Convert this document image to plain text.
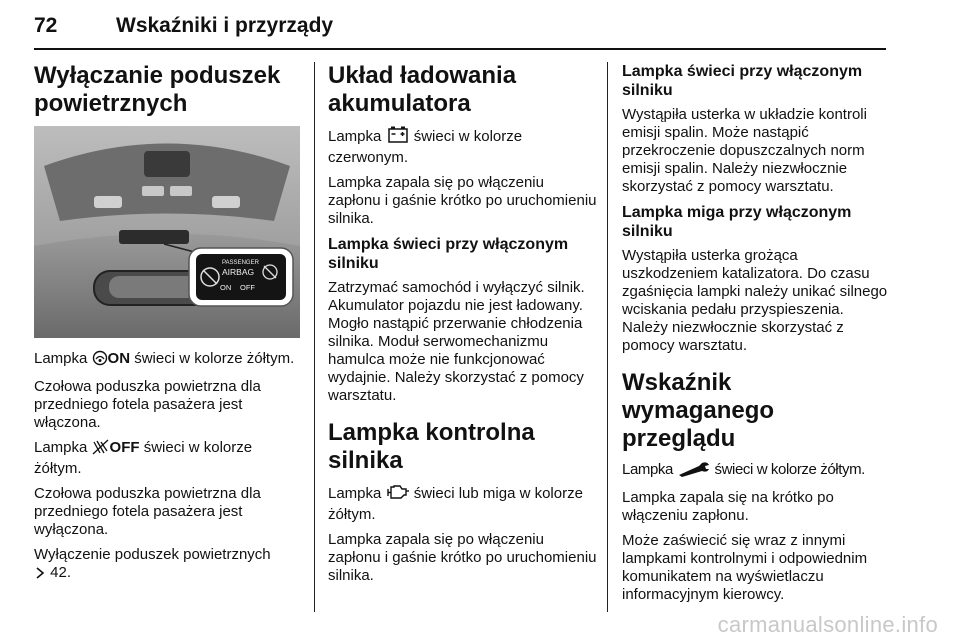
72	Wskaźniki i przyrządy
Wyłączanie poduszek powietrznych
PASSENGER
AIRBAG
ON OFF

Lampka ON świeci w kolorze żółtym.

Czołowa poduszka powietrzna dla przedniego fotela pasażera jest włączona.

Lampka OFF świeci w kolorze żółtym.

Czołowa poduszka powietrzna dla przedniego fotela pasażera jest wyłączona.

Wyłączenie poduszek powietrznych
42.

Układ ładowania akumulatora

Lampka  świeci w kolorze czerwonym.

Lampka zapala się po włączeniu zapłonu i gaśnie krótko po uruchomieniu silnika.

Lampka świeci przy włączonym silniku

Zatrzymać samochód i wyłączyć silnik. Akumulator pojazdu nie jest ładowany. Mogło nastąpić przerwanie chłodzenia silnika. Moduł serwomechanizmu hamulca może nie funkcjonować wydajnie. Należy skorzystać z pomocy warsztatu.

Lampka kontrolna silnika

Lampka  świeci lub miga w kolorze żółtym.

Lampka zapala się po włączeniu zapłonu i gaśnie krótko po uruchomieniu silnika.

Lampka świeci przy włączonym silniku

Wystąpiła usterka w układzie kontroli emisji spalin. Może nastąpić przekroczenie dopuszczalnych norm emisji spalin. Należy niezwłocznie skorzystać z pomocy warsztatu.

Lampka miga przy włączonym silniku

Wystąpiła usterka grożąca uszkodzeniem katalizatora. Do czasu zgaśnięcia lampki należy unikać silnego wciskania pedału przyspieszenia. Należy niezwłocznie skorzystać z pomocy warsztatu.

Wskaźnik wymaganego przeglądu

Lampka  świeci w kolorze żółtym.

Lampka zapala się na krótko po włączeniu zapłonu.

Może zaświecić się wraz z innymi lampkami kontrolnymi i odpowiednim komunikatem na wyświetlaczu informacyjnym kierowcy.

carmanualsonline.info
